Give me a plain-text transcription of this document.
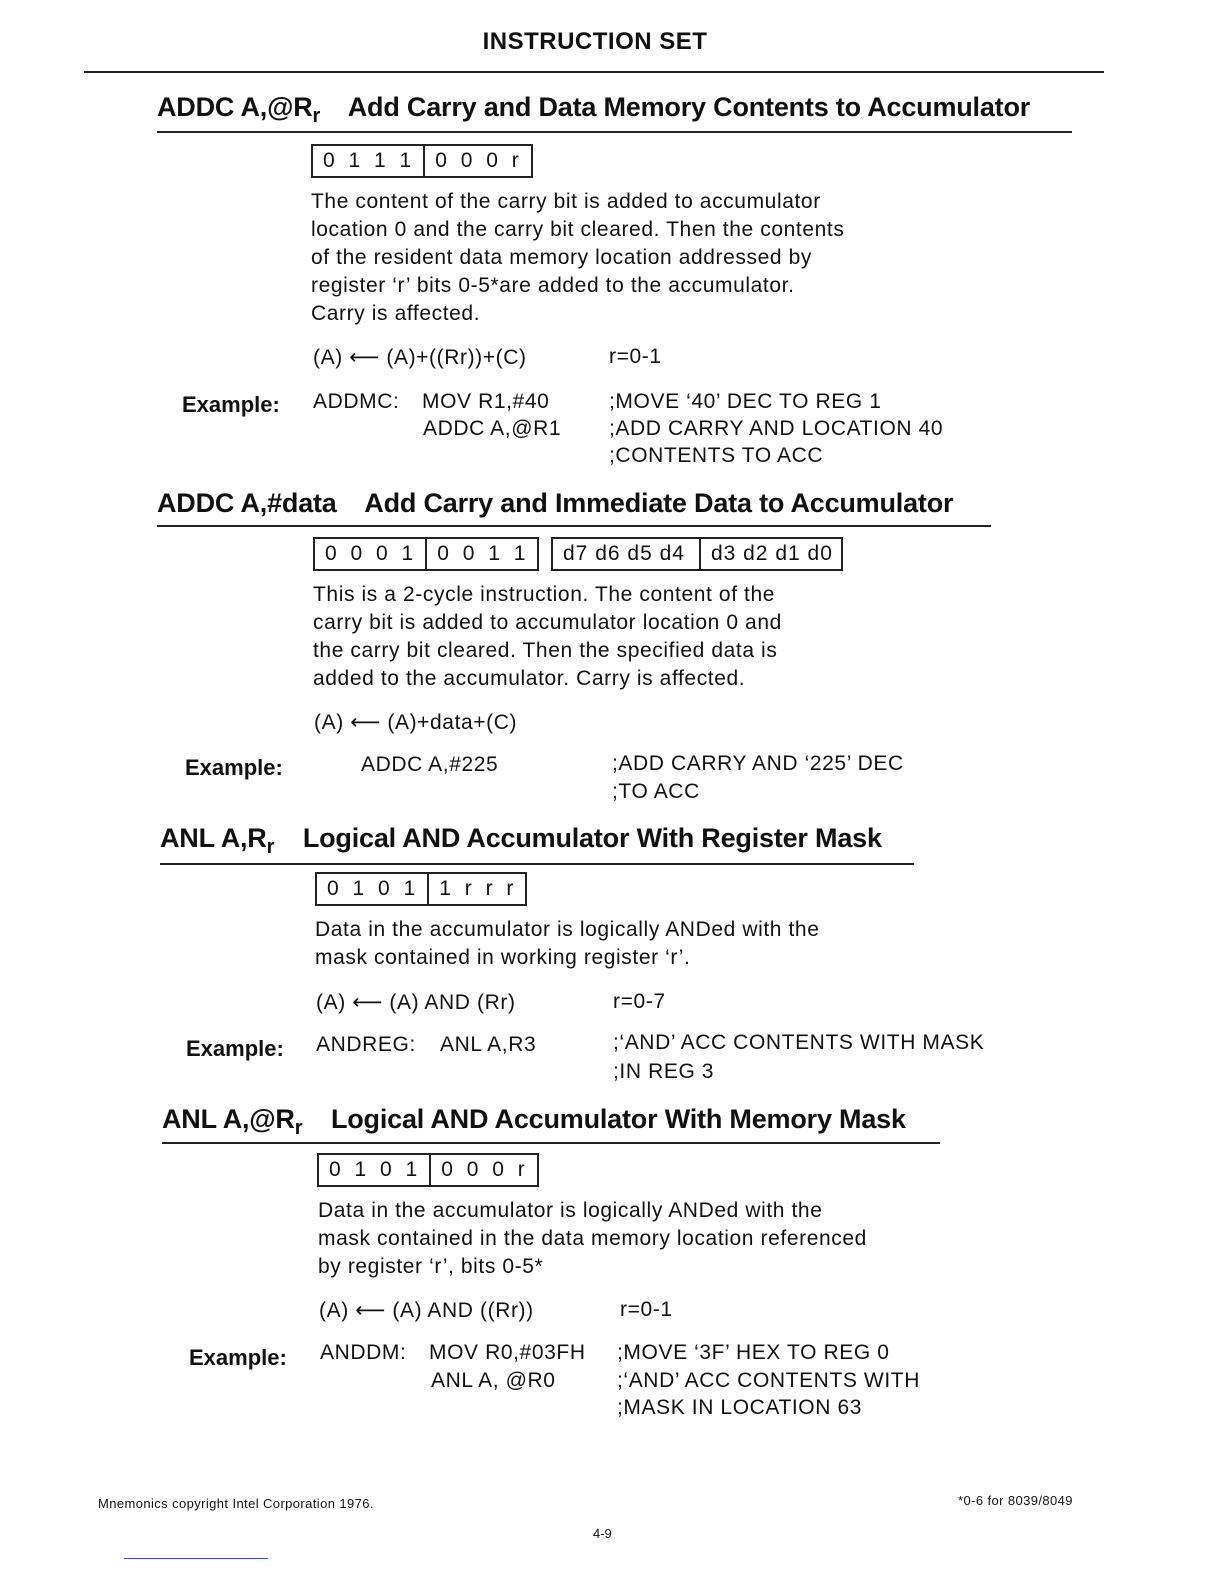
INSTRUCTION SET
ADDC $A,@R_r$ Add Carry and Data Memory Contents to Accumulator
0 1 1 1 0 0 0 r

The content of the carry bit is added to accumulator

location 0 and the carry bit cleared. Then the contents

of the resident data memory location addressed by

register ‘r’ bits 0-5*are added to the accumulator.

Carry is affected.

(A) ⟵ (A)+((Rr))+(C)	r=0-1
Example: ADDMC: MOV R1,#40	;MOVE ‘40’ DEC TO REG 1
ADDC A,@R1 ;ADD CARRY AND LOCATION 40
;CONTENTS TO ACC
ADDC A,#data Add Carry and Immediate Data to Accumulator
0 0 0 1 0 0 1 1	d7 d6 d5 d4	d3 d2 d1 d0

This is a 2-cycle instruction. The content of the

carry bit is added to accumulator location 0 and

the carry bit cleared. Then the specified data is

added to the accumulator. Carry is affected.

(A) ⟵ (A)+data+(C)
Example:	ADDC A,#225	;ADD CARRY AND ‘225’ DEC
;TO ACC
ANL $A,R_r$ Logical AND Accumulator With Register Mask
0 1 0 1 1 r r r

Data in the accumulator is logically ANDed with the

mask contained in working register ‘r’.

(A) ⟵ (A) AND (Rr)	r=0-7
Example: ANDREG: ANL A,R3	;‘AND’ ACC CONTENTS WITH MASK
;IN REG 3
ANL $A,@R_r$ Logical AND Accumulator With Memory Mask
0 1 0 1 0 0 0 r

Data in the accumulator is logically ANDed with the

mask contained in the data memory location referenced

by register ‘r’, bits 0-5*

(A) ⟵ (A) AND ((Rr))	r=0-1
Example: ANDDM: MOV R0,#03FH ;MOVE ‘3F’ HEX TO REG 0
ANL A, @R0	;‘AND’ ACC CONTENTS WITH
;MASK IN LOCATION 63
Mnemonics copyright Intel Corporation 1976.	*0-6 for 8039/8049
4-9
